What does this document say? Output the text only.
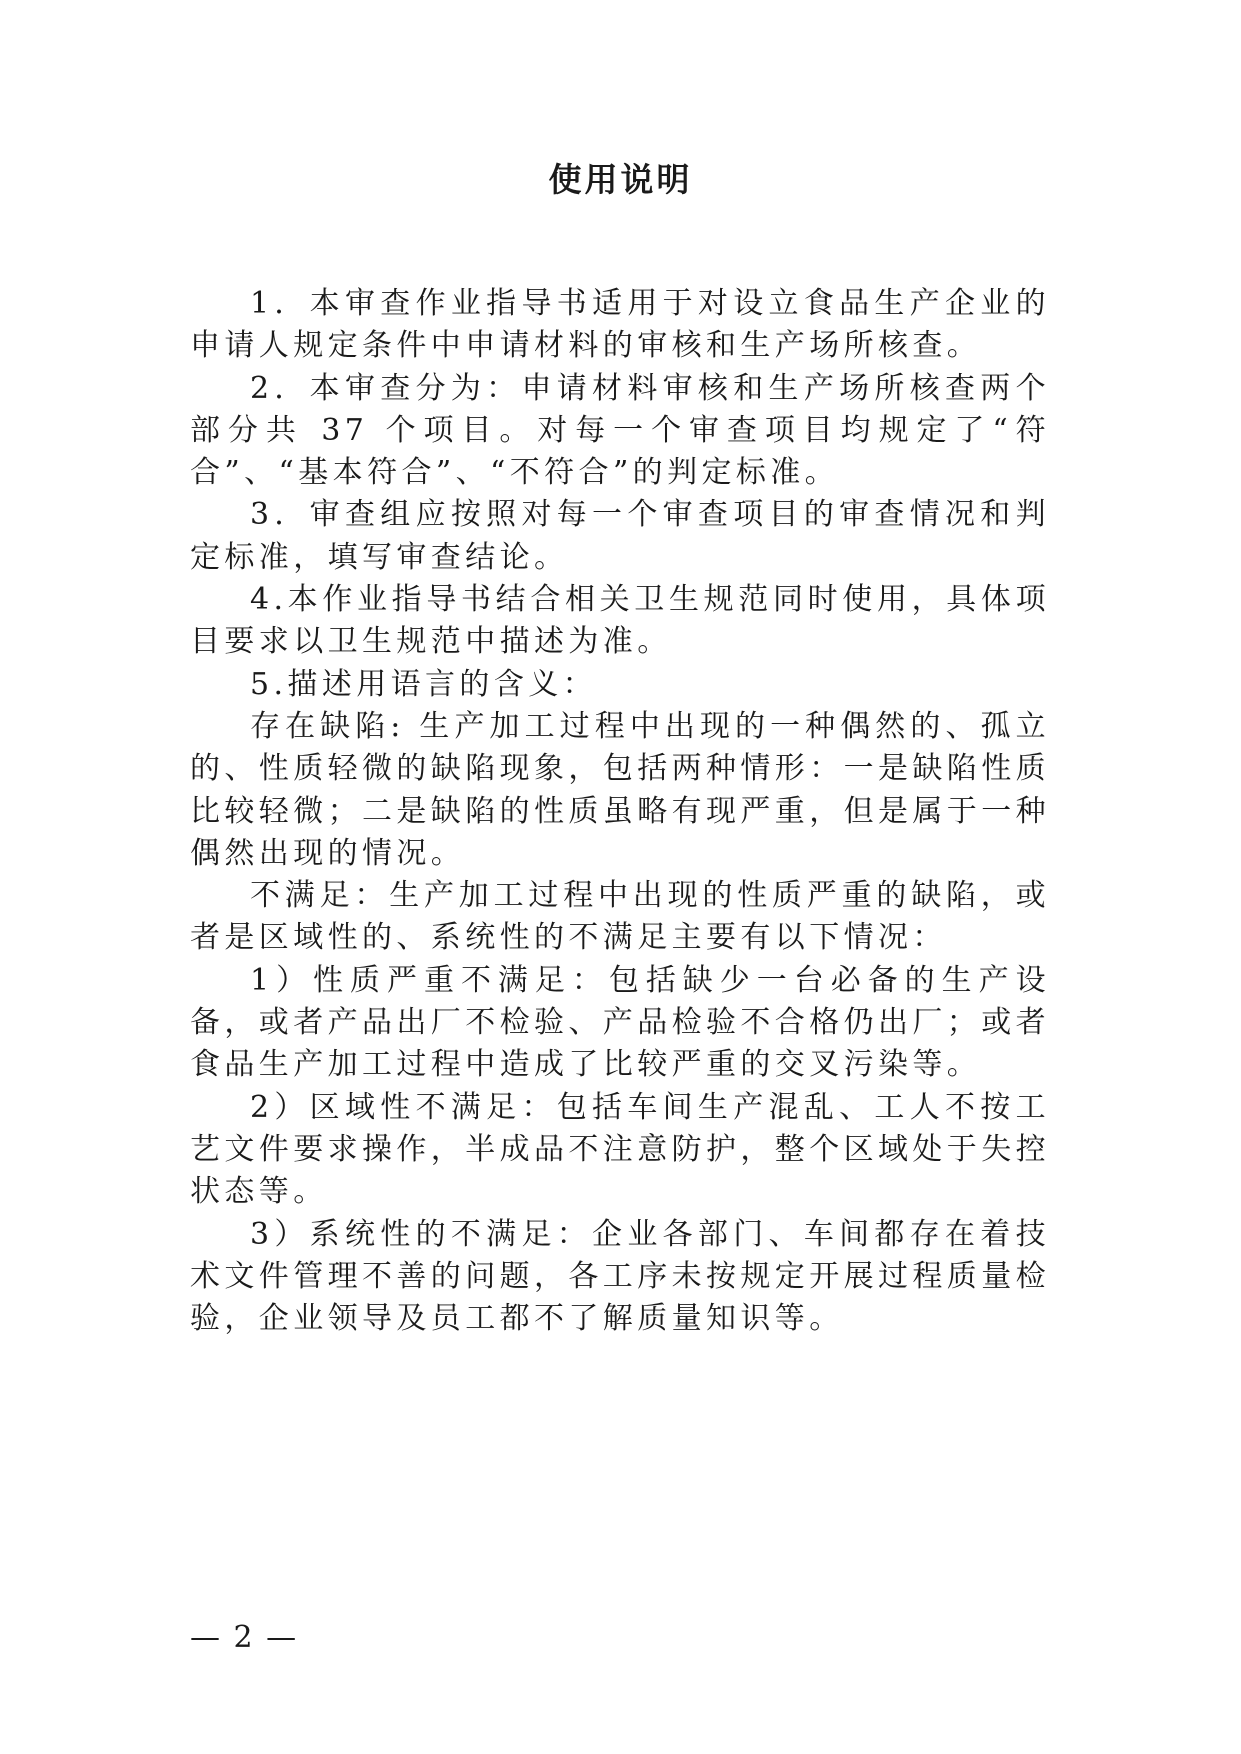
使用说明

1．本审查作业指导书适用于对设立食品生产企业的申请人规定条件中申请材料的审核和生产场所核查。

2．本审查分为：申请材料审核和生产场所核查两个部分共 37 个项目。对每一个审查项目均规定了“符合”、“基本符合”、“不符合”的判定标准。

3．审查组应按照对每一个审查项目的审查情况和判定标准，填写审查结论。

4.本作业指导书结合相关卫生规范同时使用，具体项目要求以卫生规范中描述为准。

5.描述用语言的含义：

存在缺陷: 生产加工过程中出现的一种偶然的、孤立的、性质轻微的缺陷现象，包括两种情形：一是缺陷性质比较轻微；二是缺陷的性质虽略有现严重，但是属于一种偶然出现的情况。

不满足：生产加工过程中出现的性质严重的缺陷，或者是区域性的、系统性的不满足主要有以下情况：

1）性质严重不满足：包括缺少一台必备的生产设备，或者产品出厂不检验、产品检验不合格仍出厂；或者食品生产加工过程中造成了比较严重的交叉污染等。

2）区域性不满足：包括车间生产混乱、工人不按工艺文件要求操作，半成品不注意防护，整个区域处于失控状态等。

3）系统性的不满足：企业各部门、车间都存在着技术文件管理不善的问题，各工序未按规定开展过程质量检验，企业领导及员工都不了解质量知识等。

— 2 —
